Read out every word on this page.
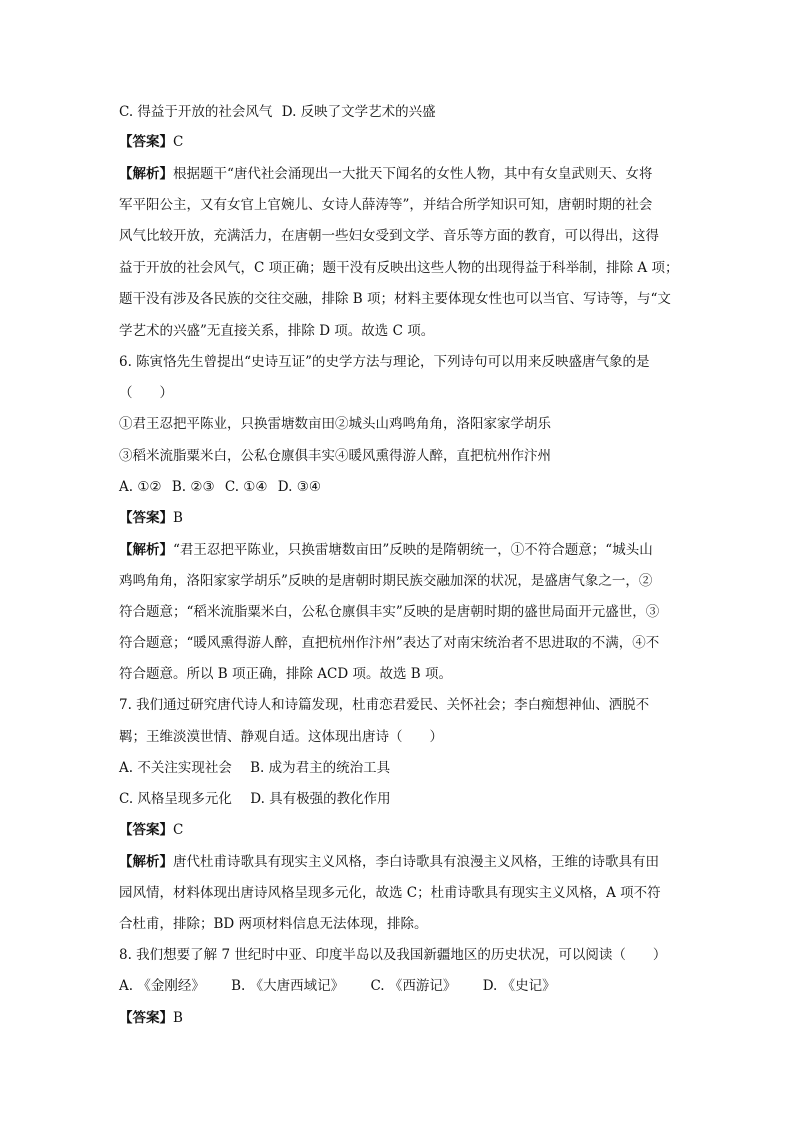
C. 得益于开放的社会风气 D. 反映了文学艺术的兴盛
【答案】C
【解析】根据题干“唐代社会涌现出一大批天下闻名的女性人物，其中有女皇武则天、女将
军平阳公主，又有女官上官婉儿、女诗人薛涛等”，并结合所学知识可知，唐朝时期的社会
风气比较开放，充满活力，在唐朝一些妇女受到文学、音乐等方面的教育，可以得出，这得
益于开放的社会风气，C 项正确；题干没有反映出这些人物的出现得益于科举制，排除 A 项；
题干没有涉及各民族的交往交融，排除 B 项；材料主要体现女性也可以当官、写诗等，与“文
学艺术的兴盛”无直接关系，排除 D 项。故选 C 项。
6. 陈寅恪先生曾提出“史诗互证”的史学方法与理论，下列诗句可以用来反映盛唐气象的是
（　　）
①君王忍把平陈业，只换雷塘数亩田②城头山鸡鸣角角，洛阳家家学胡乐
③稻米流脂粟米白，公私仓廪俱丰实④暖风熏得游人醉，直把杭州作汴州
A. ①② B. ②③ C. ①④ D. ③④
【答案】B
【解析】“君王忍把平陈业，只换雷塘数亩田”反映的是隋朝统一，①不符合题意；“城头山
鸡鸣角角，洛阳家家学胡乐”反映的是唐朝时期民族交融加深的状况，是盛唐气象之一，②
符合题意；“稻米流脂粟米白，公私仓廪俱丰实”反映的是唐朝时期的盛世局面开元盛世，③
符合题意；“暖风熏得游人醉，直把杭州作汴州”表达了对南宋统治者不思进取的不满，④不
符合题意。所以 B 项正确，排除 ACD 项。故选 B 项。
7. 我们通过研究唐代诗人和诗篇发现，杜甫恋君爱民、关怀社会；李白痴想神仙、洒脱不
羁；王维淡漠世情、静观自适。这体现出唐诗（　　）
A. 不关注实现社会 B. 成为君主的统治工具
C. 风格呈现多元化 D. 具有极强的教化作用
【答案】C
【解析】唐代杜甫诗歌具有现实主义风格，李白诗歌具有浪漫主义风格，王维的诗歌具有田
园风情，材料体现出唐诗风格呈现多元化，故选 C；杜甫诗歌具有现实主义风格，A 项不符
合杜甫，排除；BD 两项材料信息无法体现，排除。
8. 我们想要了解 7 世纪时中亚、印度半岛以及我国新疆地区的历史状况，可以阅读（　　）
A. 《金刚经》 B. 《大唐西域记》 C. 《西游记》 D. 《史记》
【答案】B
